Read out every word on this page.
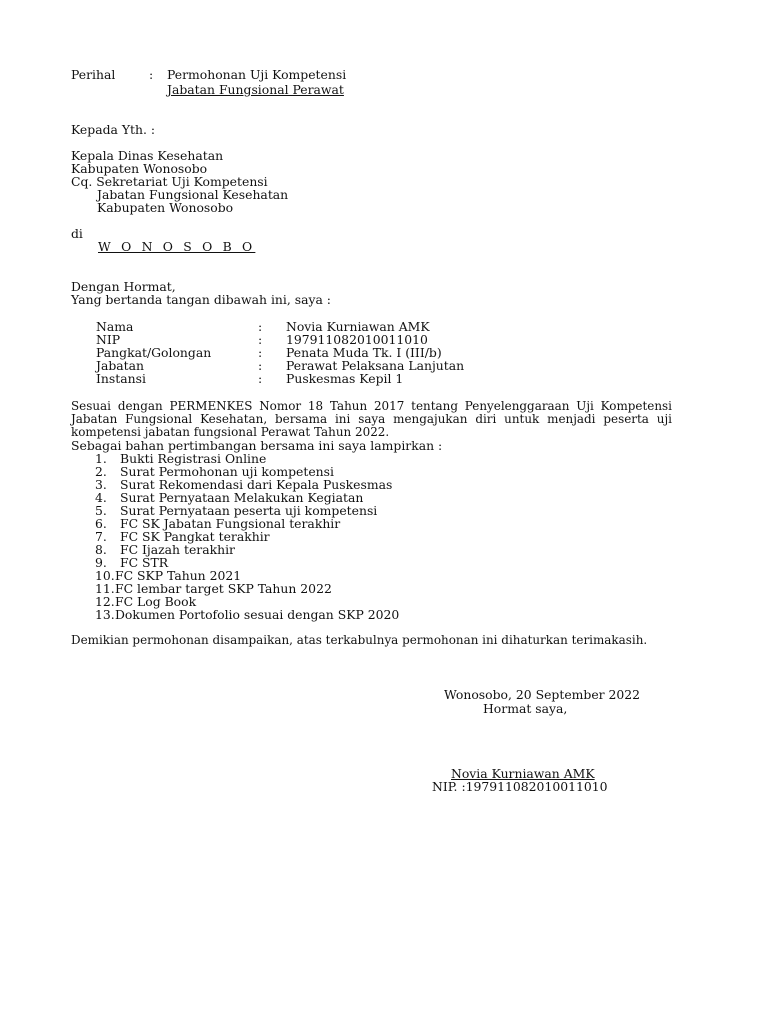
Perihal	: Permohonan Uji Kompetensi
Jabatan Fungsional Perawat
Kepada Yth. :
Kepala Dinas Kesehatan
Kabupaten Wonosobo
Cq. Sekretariat Uji Kompetensi
Jabatan Fungsional Kesehatan
Kabupaten Wonosobo
di
W O N O S O B O
Dengan Hormat,
Yang bertanda tangan dibawah ini, saya :
Nama	: Novia Kurniawan AMK
NIP	: 197911082010011010
Pangkat/Golongan	: Penata Muda Tk. I (III/b)
Jabatan	: Perawat Pelaksana Lanjutan
Instansi	: Puskesmas Kepil 1
Sesuai dengan PERMENKES Nomor 18 Tahun 2017 tentang Penyelenggaraan Uji Kompetensi Jabatan Fungsional Kesehatan, bersama ini saya mengajukan diri untuk menjadi peserta uji kompetensi jabatan fungsional Perawat Tahun 2022.
Sebagai bahan pertimbangan bersama ini saya lampirkan :
1. Bukti Registrasi Online
2. Surat Permohonan uji kompetensi
3. Surat Rekomendasi dari Kepala Puskesmas
4. Surat Pernyataan Melakukan Kegiatan
5. Surat Pernyataan peserta uji kompetensi
6. FC SK Jabatan Fungsional terakhir
7. FC SK Pangkat terakhir
8. FC Ijazah terakhir
9. FC STR
10.FC SKP Tahun 2021
11.FC lembar target SKP Tahun 2022
12.FC Log Book
13.Dokumen Portofolio sesuai dengan SKP 2020
Demikian permohonan disampaikan, atas terkabulnya permohonan ini dihaturkan terimakasih.
Wonosobo, 20 September 2022
Hormat saya,
Novia Kurniawan AMK
NIP. :197911082010011010
